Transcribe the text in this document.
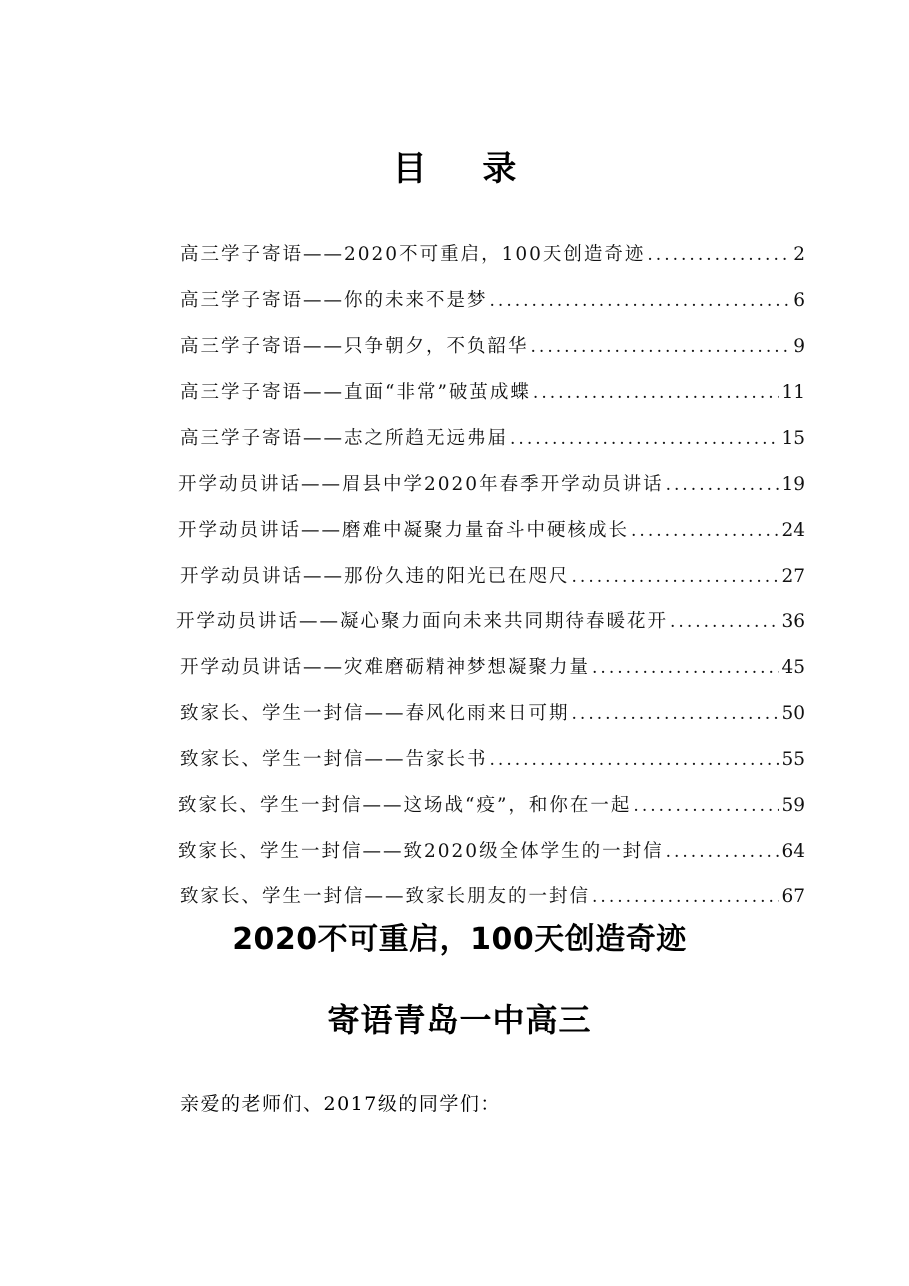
目 录
高三学子寄语——2020不可重启，100天创造奇迹 .....	2
高三学子寄语——你的未来不是梦 .....	6
高三学子寄语——只争朝夕，不负韶华 .....	9
高三学子寄语——直面“非常”破茧成蝶 .....	11
高三学子寄语——志之所趋无远弗届 .....	15
开学动员讲话——眉县中学2020年春季开学动员讲话 .....	19
开学动员讲话——磨难中凝聚力量奋斗中硬核成长 .....	24
开学动员讲话——那份久违的阳光已在咫尺 .....	27
开学动员讲话——凝心聚力面向未来共同期待春暖花开 .....	36
开学动员讲话——灾难磨砺精神梦想凝聚力量 .....	45
致家长、学生一封信——春风化雨来日可期 .....	50
致家长、学生一封信——告家长书 .....	55
致家长、学生一封信——这场战“疫”，和你在一起 .....	59
致家长、学生一封信——致2020级全体学生的一封信 .....	64
致家长、学生一封信——致家长朋友的一封信 .....	67
2020不可重启，100天创造奇迹
寄语青岛一中高三
亲爱的老师们、2017级的同学们：
